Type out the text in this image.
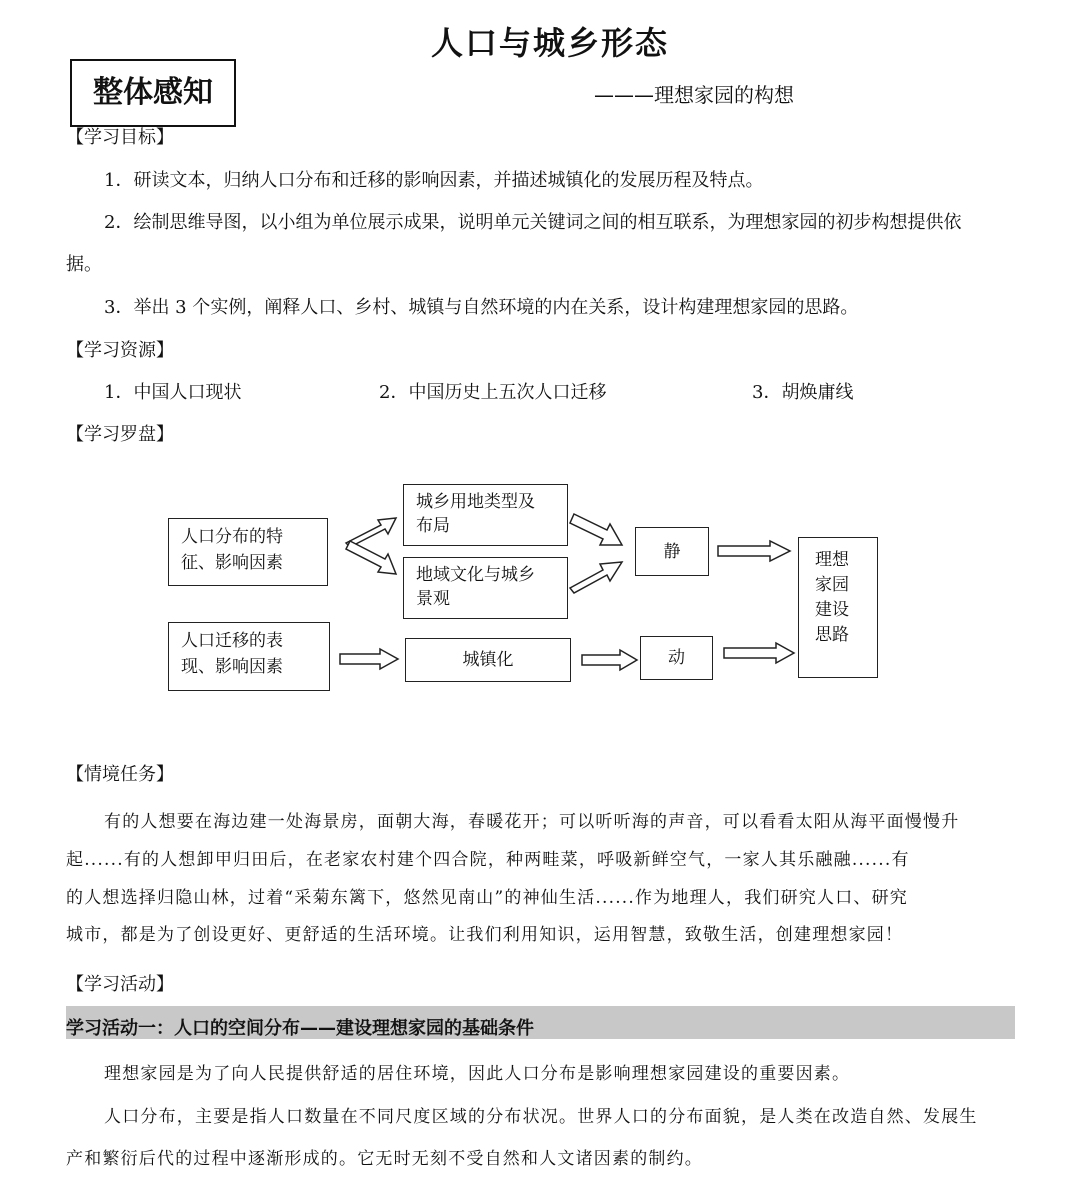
人口与城乡形态
整体感知	———理想家园的构想
【学习目标】
1．研读文本，归纳人口分布和迁移的影响因素，并描述城镇化的发展历程及特点。
2．绘制思维导图，以小组为单位展示成果，说明单元关键词之间的相互联系，为理想家园的初步构想提供依
据。
3．举出 3 个实例，阐释人口、乡村、城镇与自然环境的内在关系，设计构建理想家园的思路。
【学习资源】
1．中国人口现状	2．中国历史上五次人口迁移	3．胡焕庸线
【学习罗盘】
人口分布的特
征、影响因素
城乡用地类型及
布局
地域文化与城乡
景观
静
人口迁移的表
现、影响因素	城镇化	动
理想
家园
建设
思路
【情境任务】
有的人想要在海边建一处海景房，面朝大海，春暖花开；可以听听海的声音，可以看看太阳从海平面慢慢升
起......有的人想卸甲归田后，在老家农村建个四合院，种两畦菜，呼吸新鲜空气，一家人其乐融融......有
的人想选择归隐山林，过着“采菊东篱下，悠然见南山”的神仙生活......作为地理人，我们研究人口、研究
城市，都是为了创设更好、更舒适的生活环境。让我们利用知识，运用智慧，致敬生活，创建理想家园！
【学习活动】
学习活动一：人口的空间分布——建设理想家园的基础条件
理想家园是为了向人民提供舒适的居住环境，因此人口分布是影响理想家园建设的重要因素。
人口分布，主要是指人口数量在不同尺度区域的分布状况。世界人口的分布面貌，是人类在改造自然、发展生
产和繁衍后代的过程中逐渐形成的。它无时无刻不受自然和人文诸因素的制约。
